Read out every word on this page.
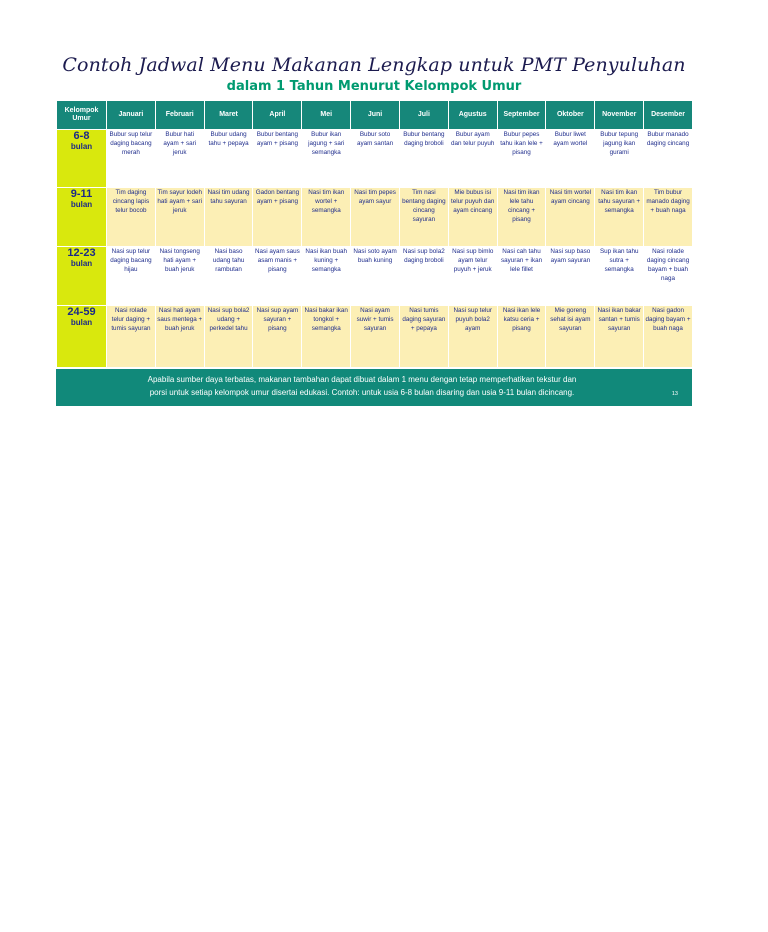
Contoh Jadwal Menu Makanan Lengkap untuk PMT Penyuluhan
dalam 1 Tahun Menurut Kelompok Umur
Kelompok Umur	Januari	Februari	Maret	April	Mei	Juni	Juli	Agustus	September	Oktober	November	Desember

6-8
bulan	Bubur sup telur daging bacang merah	Bubur hati ayam + sari jeruk	Bubur udang tahu + pepaya	Bubur bentang ayam + pisang	Bubur ikan jagung + sari semangka	Bubur soto ayam santan	Bubur bentang daging broboli	Bubur ayam dan telur puyuh	Bubur pepes tahu ikan lele + pisang	Bubur liwet ayam wortel	Bubur tepung jagung ikan gurami	Bubur manado daging cincang

9-11
bulan	Tim daging cincang lapis telur bocob	Tim sayur lodeh hati ayam + sari jeruk	Nasi tim udang tahu sayuran	Gadon bentang ayam + pisang	Nasi tim ikan wortel + semangka	Nasi tim pepes ayam sayur	Tim nasi bentang daging cincang sayuran	Mie bubus isi telur puyuh dan ayam cincang	Nasi tim ikan lele tahu cincang + pisang	Nasi tim wortel ayam cincang	Nasi tim ikan tahu sayuran + semangka	Tim bubur manado daging + buah naga

12-23
bulan	Nasi sup telur daging bacang hijau	Nasi tongseng hati ayam + buah jeruk	Nasi baso udang tahu rambutan	Nasi ayam saus asam manis + pisang	Nasi ikan buah kuning + semangka	Nasi soto ayam buah kuning	Nasi sup bola2 daging broboli	Nasi sup bimlo ayam telur puyuh + jeruk	Nasi cah tahu sayuran + ikan lele fillet	Nasi sup baso ayam sayuran	Sup ikan tahu sutra + semangka	Nasi rolade daging cincang bayam + buah naga

24-59
bulan	Nasi rolade telur daging + tumis sayuran	Nasi hati ayam saus mentega + buah jeruk	Nasi sup bola2 udang + perkedel tahu	Nasi sup ayam sayuran + pisang	Nasi bakar ikan tongkol + semangka	Nasi ayam suwir + tumis sayuran	Nasi tumis daging sayuran + pepaya	Nasi sup telur puyuh bola2 ayam	Nasi ikan lele katsu ceria + pisang	Mie goreng sehat isi ayam sayuran	Nasi ikan bakar santan + tumis sayuran	Nasi gadon daging bayam + buah naga
Apabila sumber daya terbatas, makanan tambahan dapat dibuat dalam 1 menu dengan tetap memperhatikan tekstur dan
porsi untuk setiap kelompok umur disertai edukasi. Contoh: untuk usia 6-8 bulan disaring dan usia 9-11 bulan dicincang.	13
